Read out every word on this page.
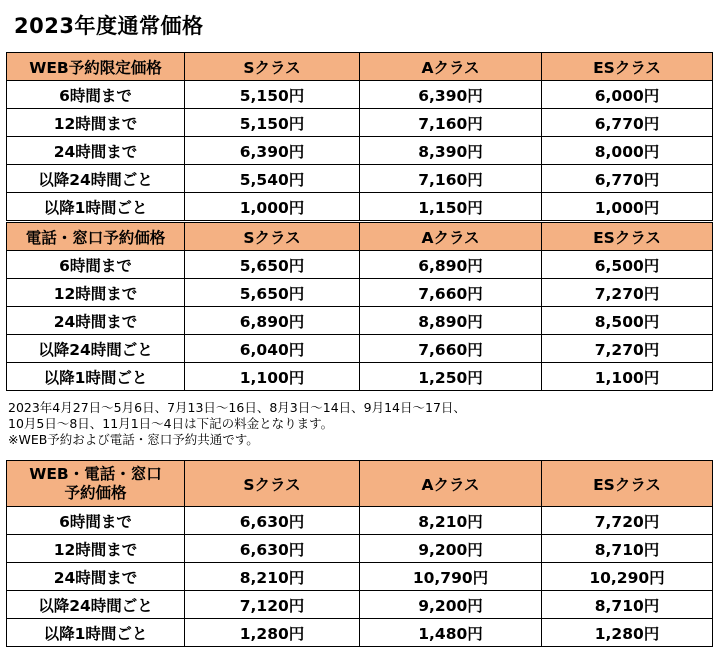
2023年度通常価格
WEB予約限定価格	Sクラス	Aクラス	ESクラス
6時間まで	5,150円	6,390円	6,000円
12時間まで	5,150円	7,160円	6,770円
24時間まで	6,390円	8,390円	8,000円
以降24時間ごと	5,540円	7,160円	6,770円
以降1時間ごと	1,000円	1,150円	1,000円
電話・窓口予約価格	Sクラス	Aクラス	ESクラス
6時間まで	5,650円	6,890円	6,500円
12時間まで	5,650円	7,660円	7,270円
24時間まで	6,890円	8,890円	8,500円
以降24時間ごと	6,040円	7,660円	7,270円
以降1時間ごと	1,100円	1,250円	1,100円
2023年4月27日～5月6日、7月13日～16日、8月3日～14日、9月14日～17日、
10月5日～8日、11月1日～4日は下記の料金となります。
※WEB予約および電話・窓口予約共通です。
WEB・電話・窓口
予約価格	Sクラス	Aクラス	ESクラス
6時間まで	6,630円	8,210円	7,720円
12時間まで	6,630円	9,200円	8,710円
24時間まで	8,210円	10,790円	10,290円
以降24時間ごと	7,120円	9,200円	8,710円
以降1時間ごと	1,280円	1,480円	1,280円
